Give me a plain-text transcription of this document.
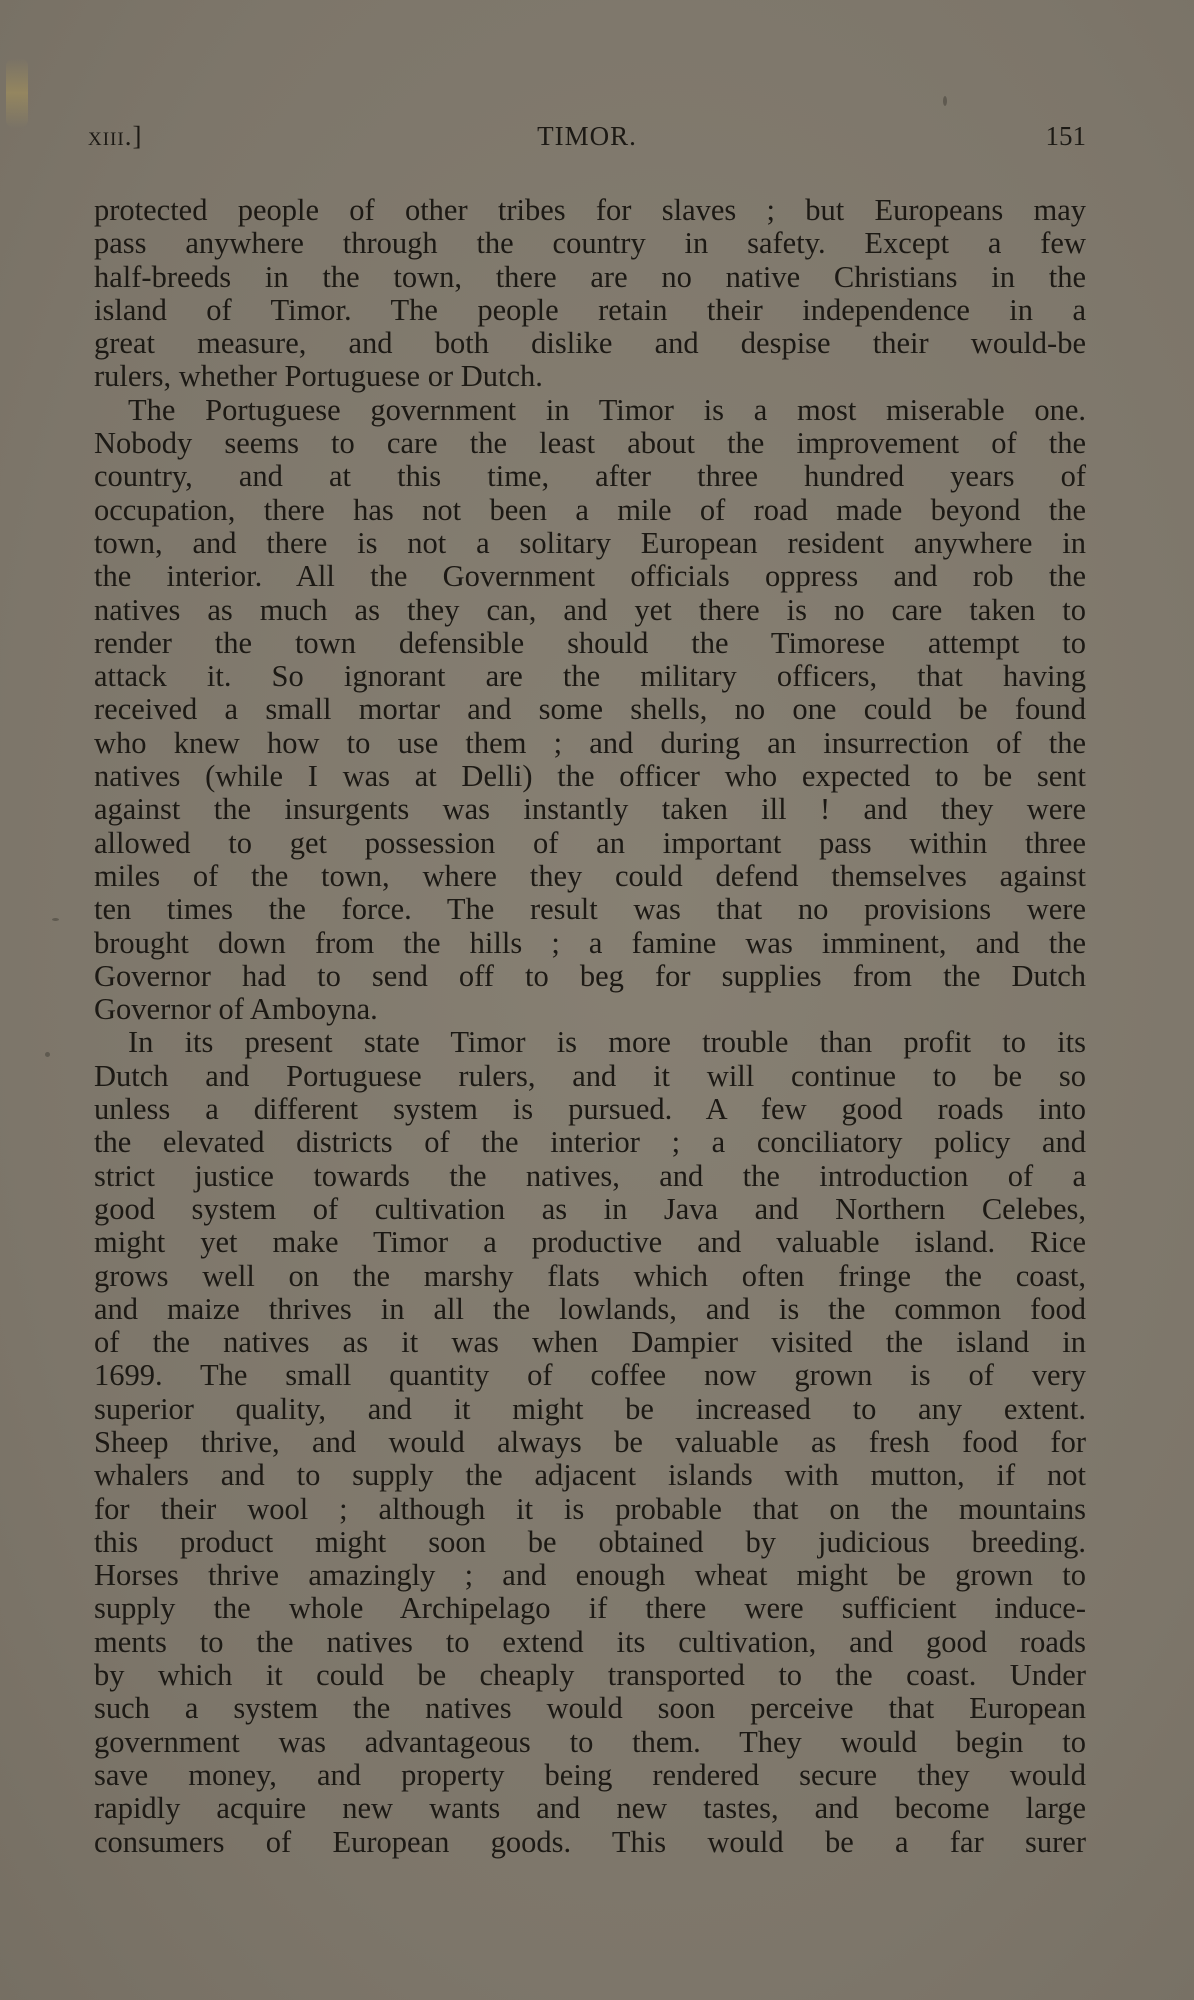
xiii.]	TIMOR.	151
protected people of other tribes for slaves ; but Europeans may
pass anywhere through the country in safety. Except a few
half-breeds in the town, there are no native Christians in the
island of Timor. The people retain their independence in a
great measure, and both dislike and despise their would-be
rulers, whether Portuguese or Dutch.
The Portuguese government in Timor is a most miserable one.
Nobody seems to care the least about the improvement of the
country, and at this time, after three hundred years of
occupation, there has not been a mile of road made beyond the
town, and there is not a solitary European resident anywhere in
the interior. All the Government officials oppress and rob the
natives as much as they can, and yet there is no care taken to
render the town defensible should the Timorese attempt to
attack it. So ignorant are the military officers, that having
received a small mortar and some shells, no one could be found
who knew how to use them ; and during an insurrection of the
natives (while I was at Delli) the officer who expected to be sent
against the insurgents was instantly taken ill ! and they were
allowed to get possession of an important pass within three
miles of the town, where they could defend themselves against
ten times the force. The result was that no provisions were
brought down from the hills ; a famine was imminent, and the
Governor had to send off to beg for supplies from the Dutch
Governor of Amboyna.
In its present state Timor is more trouble than profit to its
Dutch and Portuguese rulers, and it will continue to be so
unless a different system is pursued. A few good roads into
the elevated districts of the interior ; a conciliatory policy and
strict justice towards the natives, and the introduction of a
good system of cultivation as in Java and Northern Celebes,
might yet make Timor a productive and valuable island. Rice
grows well on the marshy flats which often fringe the coast,
and maize thrives in all the lowlands, and is the common food
of the natives as it was when Dampier visited the island in
1699. The small quantity of coffee now grown is of very
superior quality, and it might be increased to any extent.
Sheep thrive, and would always be valuable as fresh food for
whalers and to supply the adjacent islands with mutton, if not
for their wool ; although it is probable that on the mountains
this product might soon be obtained by judicious breeding.
Horses thrive amazingly ; and enough wheat might be grown to
supply the whole Archipelago if there were sufficient induce-
ments to the natives to extend its cultivation, and good roads
by which it could be cheaply transported to the coast. Under
such a system the natives would soon perceive that European
government was advantageous to them. They would begin to
save money, and property being rendered secure they would
rapidly acquire new wants and new tastes, and become large
consumers of European goods. This would be a far surer
